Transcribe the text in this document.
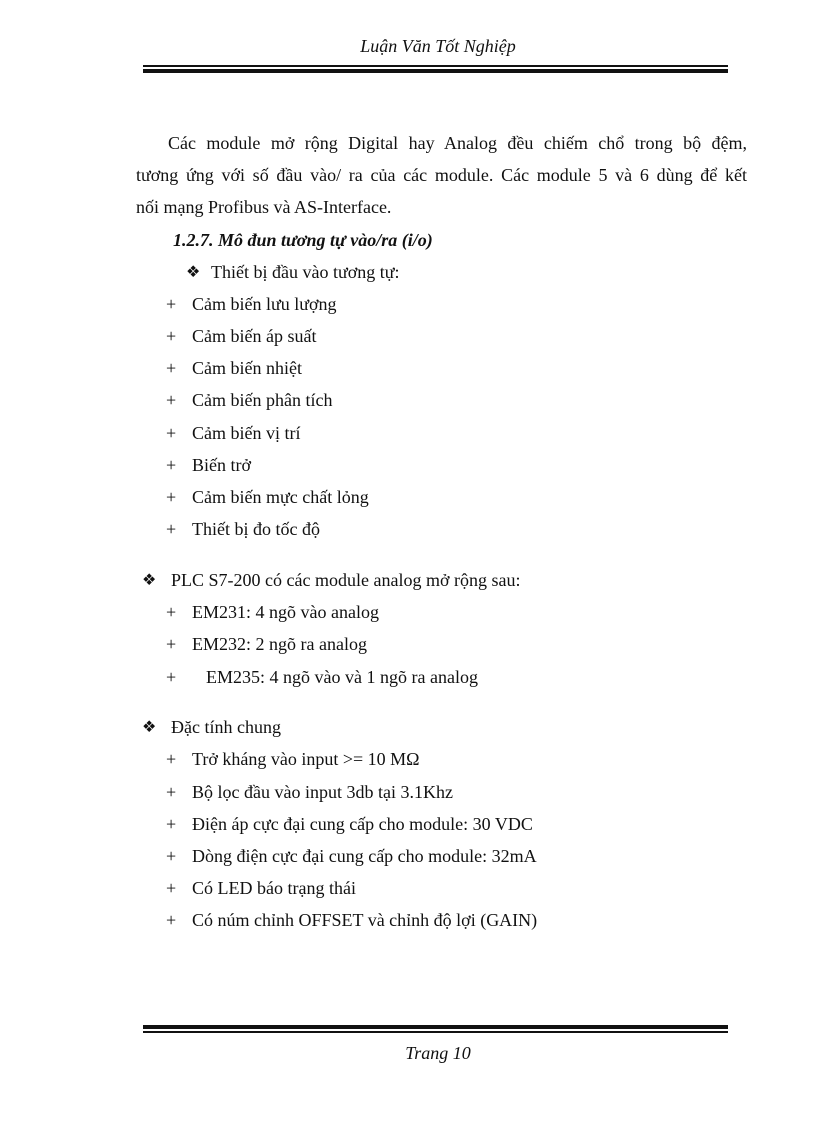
Luận Văn Tốt Nghiệp
Các module mở rộng Digital hay Analog đều chiếm chổ trong bộ đệm,
tương ứng với số đầu vào/ ra của các module. Các module 5 và 6 dùng để kết
nối mạng Profibus và AS-Interface.
1.2.7. Mô đun tương tự vào/ra (i/o)
❖ Thiết bị đầu vào tương tự:
+ Cảm biến lưu lượng
+ Cảm biến áp suất
+ Cảm biến nhiệt
+ Cảm biến phân tích
+ Cảm biến vị trí
+ Biến trở
+ Cảm biến mực chất lỏng
+ Thiết bị đo tốc độ
❖ PLC S7-200 có các module analog mở rộng sau:
+ EM231: 4 ngõ vào analog
+ EM232: 2 ngõ ra analog
+ EM235: 4 ngõ vào và 1 ngõ ra analog
❖ Đặc tính chung
+ Trở kháng vào input >= 10 MΩ
+ Bộ lọc đầu vào input 3db tại 3.1Khz
+ Điện áp cực đại cung cấp cho module: 30 VDC
+ Dòng điện cực đại cung cấp cho module: 32mA
+ Có LED báo trạng thái
+ Có núm chỉnh OFFSET và chỉnh độ lợi (GAIN)
Trang 10
